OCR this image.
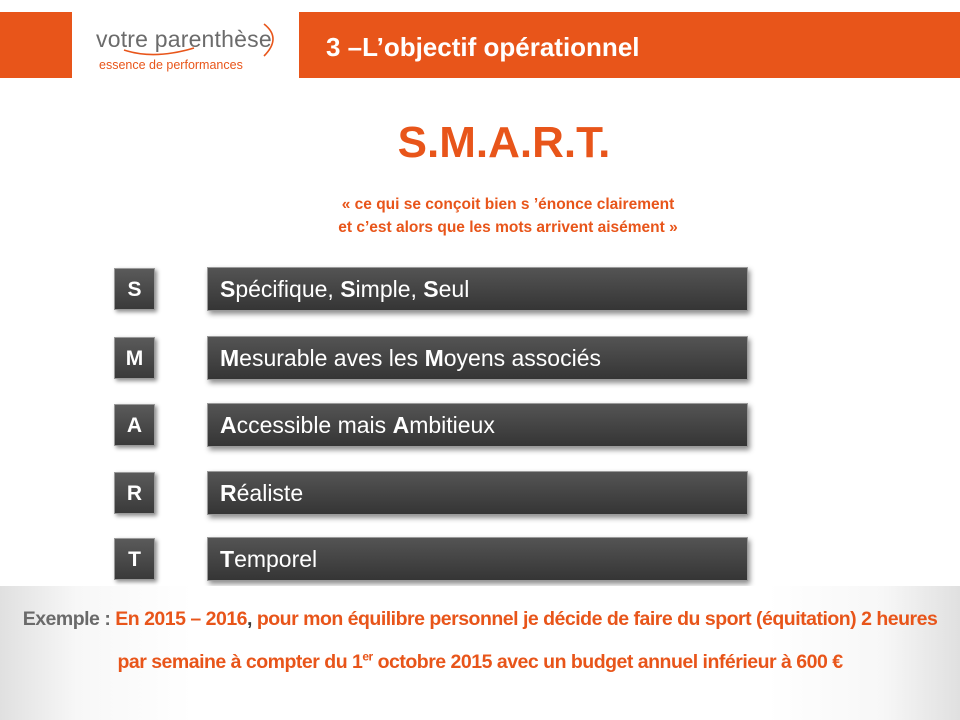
votre parenthèse
essence de performances
3 –L’objectif opérationnel
S.M.A.R.T.
« ce qui se conçoit bien s ’énonce clairement
et c’est alors que les mots arrivent aisément »
S	Spécifique, Simple, Seul
M	Mesurable aves les Moyens associés
A	Accessible mais Ambitieux
R	Réaliste
T	Temporel
Exemple : En 2015 – 2016, pour mon équilibre personnel je décide de faire du sport (équitation) 2 heures par semaine à compter du 1er octobre 2015 avec un budget annuel inférieur à 600 €
